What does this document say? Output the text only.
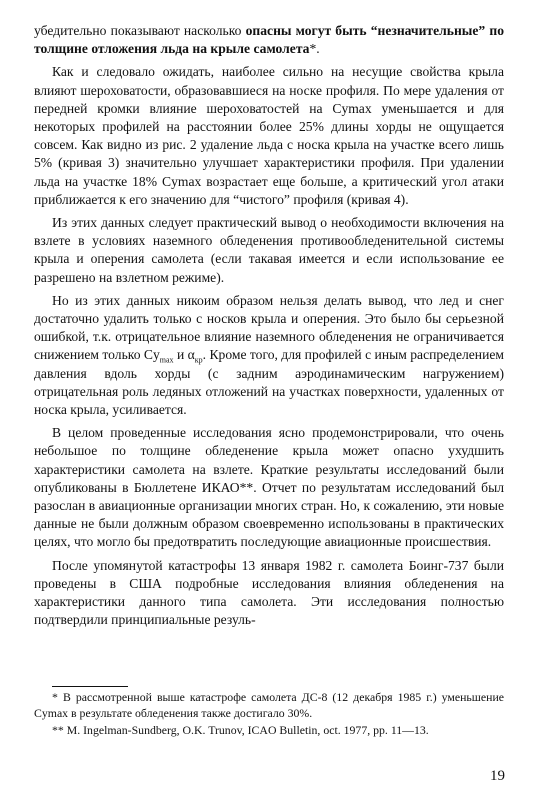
убедительно показывают насколько опасны могут быть “незначительные” по толщине отложения льда на крыле самолета*.

Как и следовало ожидать, наиболее сильно на несущие свойства крыла влияют шероховатости, образовавшиеся на носке профиля. По мере удаления от передней кромки влияние шероховатостей на Cymax уменьшается и для некоторых профилей на расстоянии более 25% длины хорды не ощущается совсем. Как видно из рис. 2 удаление льда с носка крыла на участке всего лишь 5% (кривая 3) значительно улучшает характеристики профиля. При удалении льда на участке 18% Cymax возрастает еще больше, а критический угол атаки приближается к его значению для “чистого” профиля (кривая 4).

Из этих данных следует практический вывод о необходимости включения на взлете в условиях наземного обледенения противообледенительной системы крыла и оперения самолета (если такавая имеется и если использование ее разрешено на взлетном режиме).

Но из этих данных никоим образом нельзя делать вывод, что лед и снег достаточно удалить только с носков крыла и оперения. Это было бы серьезной ошибкой, т.к. отрицательное влияние наземного обледенения не ограничивается снижением только $Cy_{max}$ и $\alpha_{кр}$. Кроме того, для профилей с иным распределением давления вдоль хорды (с задним аэродинамическим нагружением) отрицательная роль ледяных отложений на участках поверхности, удаленных от носка крыла, усиливается.

В целом проведенные исследования ясно продемонстрировали, что очень небольшое по толщине обледенение крыла может опасно ухудшить характеристики самолета на взлете. Краткие результаты исследований были опубликованы в Бюллетене ИКАО**. Отчет по результатам исследований был разослан в авиационные организации многих стран. Но, к сожалению, эти новые данные не были должным образом своевременно использованы в практических целях, что могло бы предотвратить последующие авиационные происшествия.

После упомянутой катастрофы 13 января 1982 г. самолета Боинг-737 были проведены в США подробные исследования влияния обледенения на характеристики данного типа самолета. Эти исследования полностью подтвердили принципиальные резуль-

* В рассмотренной выше катастрофе самолета ДС-8 (12 декабря 1985 г.) уменьшение Cymax в результате обледенения также достигало 30%.

** M. Ingelman-Sundberg, O.K. Trunov, ICAO Bulletin, oct. 1977, pp. 11—13.

19
